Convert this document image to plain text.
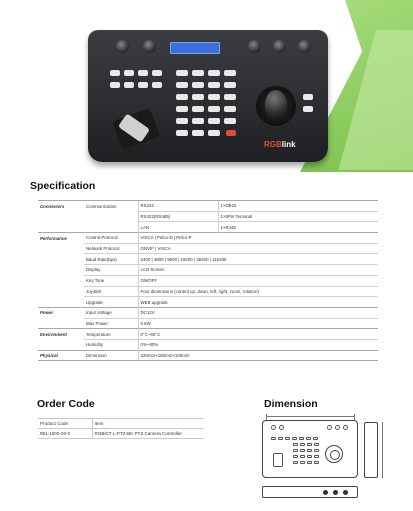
RGBlink
Specification
Connectors	Communication	RS232	1×DB15
		RS422(RS485)	1×5Pin Terminal
		LAN	1×RJ45
Performance	Control Protocol	VISCA | Pelco-D | Pelco-P	
	Network Protocol	ONVIF | VISCA	
	Baud Rate(bps)	2400 | 4800 | 9600 | 19200 | 38400 | 115200	
	Display	LCD Screen	
	Key Tone	ON/OFF	
	Joystick	Four dimensions (control up, down, left, right, zoom, rotation)	
	Upgrade	WEB upgrade	
Power	Input Voltage	DC12V	
	Max Power	0.6W	
Environment	Temperature	0°C~50°C	
	Humidity	0%~90%	
Physical	Dimension	320mm×180mm×100mm	
Order Code
Product Code	Item
981-1000-03-0	RGBlCT L-PTZ-BK PTZ Camera Controller
Dimension
